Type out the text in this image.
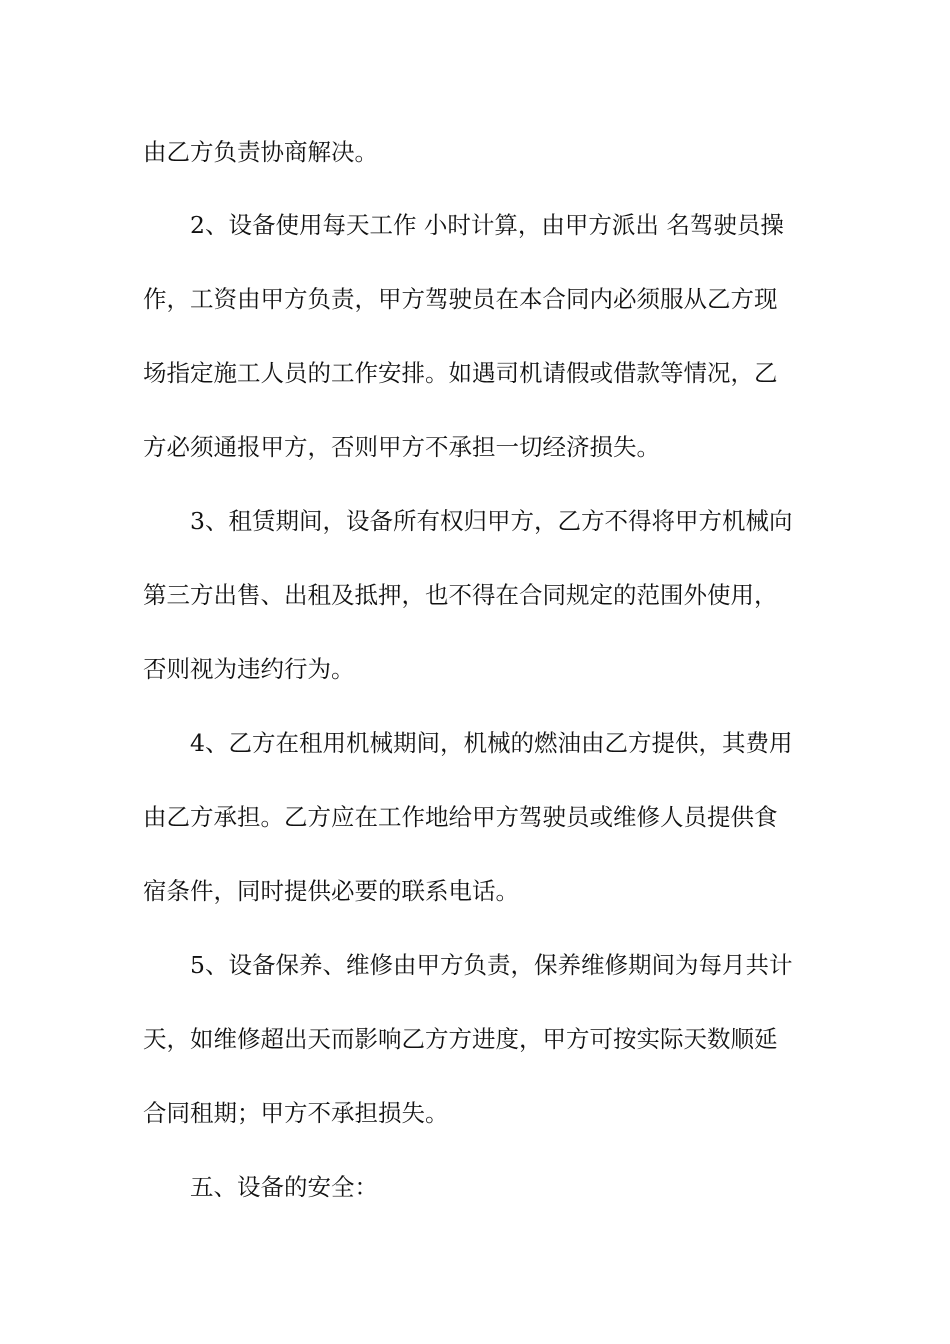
由乙方负责协商解决。
2、设备使用每天工作 小时计算，由甲方派出 名驾驶员操
作，工资由甲方负责，甲方驾驶员在本合同内必须服从乙方现
场指定施工人员的工作安排。如遇司机请假或借款等情况，乙
方必须通报甲方，否则甲方不承担一切经济损失。
3、租赁期间，设备所有权归甲方，乙方不得将甲方机械向
第三方出售、出租及抵押，也不得在合同规定的范围外使用，
否则视为违约行为。
4、乙方在租用机械期间，机械的燃油由乙方提供，其费用
由乙方承担。乙方应在工作地给甲方驾驶员或维修人员提供食
宿条件，同时提供必要的联系电话。
5、设备保养、维修由甲方负责，保养维修期间为每月共计
天，如维修超出天而影响乙方方进度，甲方可按实际天数顺延
合同租期；甲方不承担损失。
五、设备的安全：
